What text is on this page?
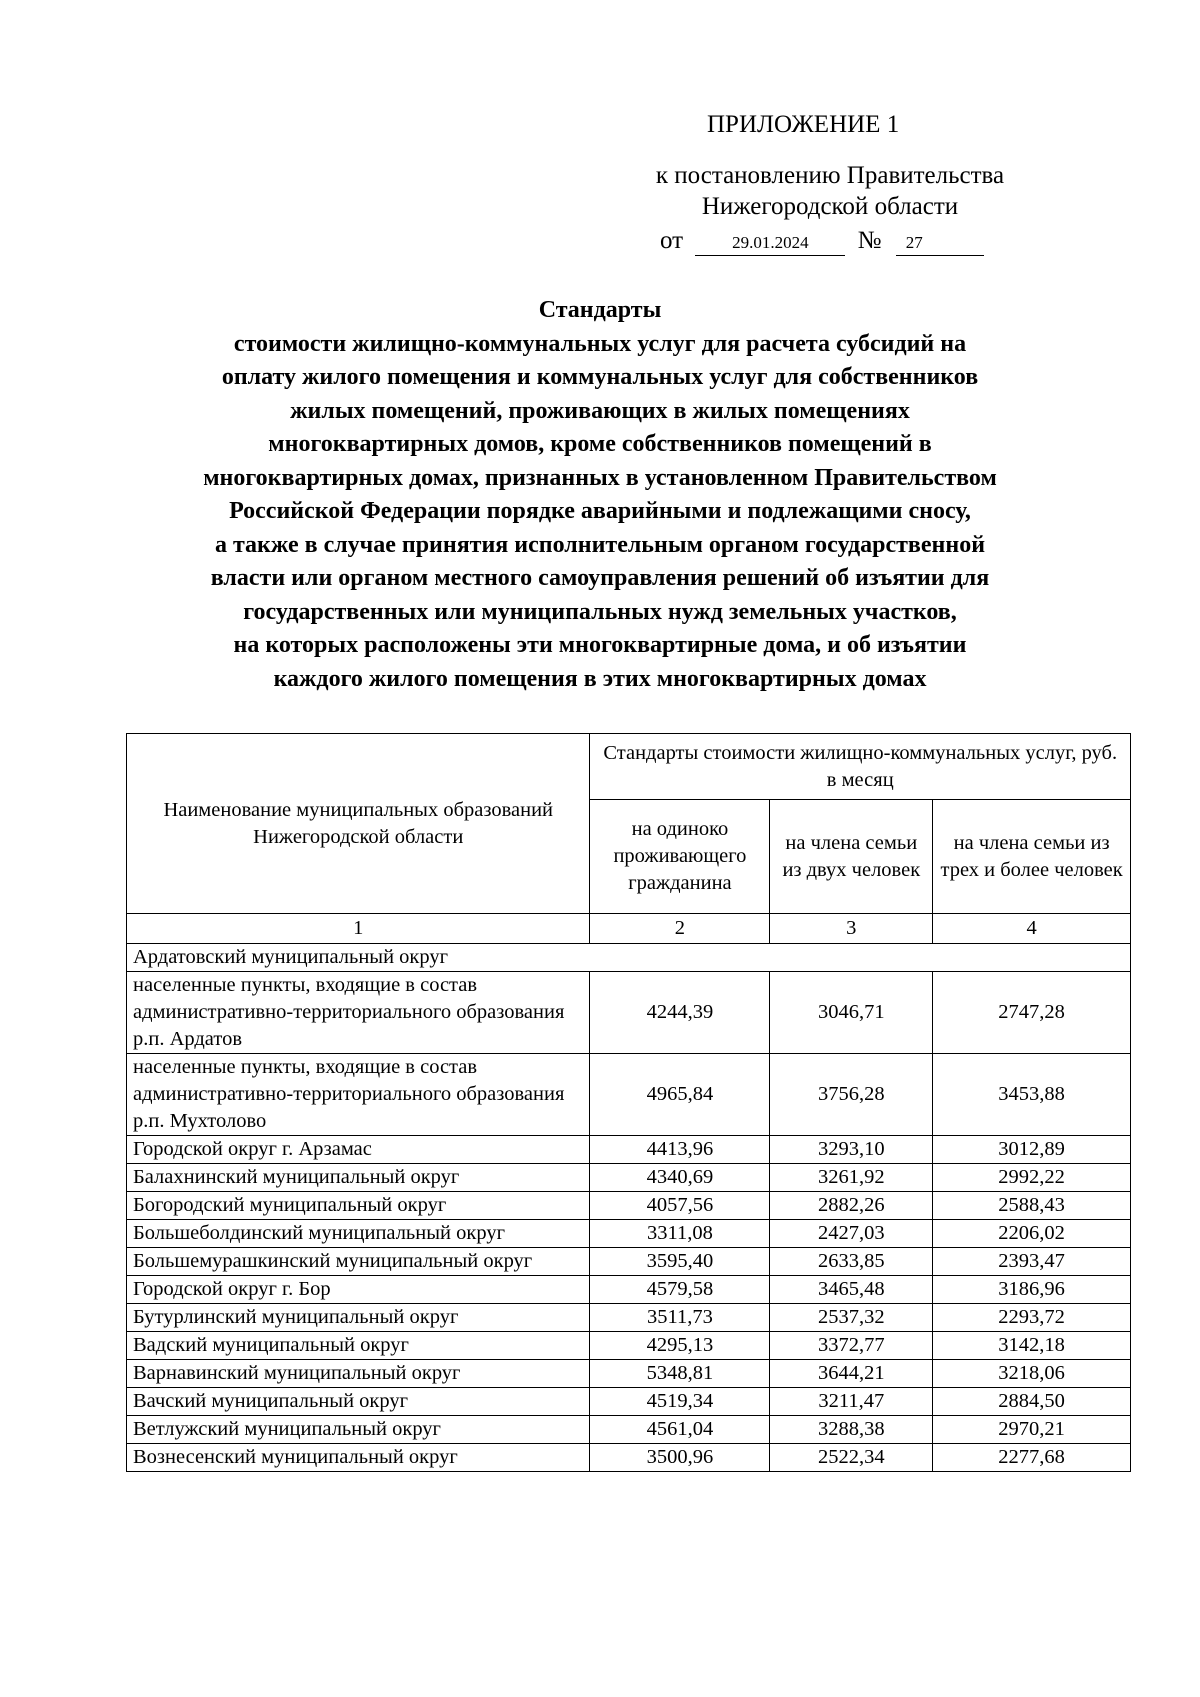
ПРИЛОЖЕНИЕ 1
к постановлению Правительства
Нижегородской области
от	29.01.2024 № 27
Стандарты
стоимости жилищно-коммунальных услуг для расчета субсидий на
оплату жилого помещения и коммунальных услуг для собственников
жилых помещений, проживающих в жилых помещениях
многоквартирных домов, кроме собственников помещений в
многоквартирных домах, признанных в установленном Правительством
Российской Федерации порядке аварийными и подлежащими сносу,
а также в случае принятия исполнительным органом государственной
власти или органом местного самоуправления решений об изъятии для
государственных или муниципальных нужд земельных участков,
на которых расположены эти многоквартирные дома, и об изъятии
каждого жилого помещения в этих многоквартирных домах
Наименование муниципальных образований Нижегородской области	Стандарты стоимости жилищно-коммунальных услуг, руб. в месяц		
	на одиноко проживающего гражданина	на члена семьи из двух человек	на члена семьи из трех и более человек
1	2	3	4
Ардатовский муниципальный округ			
населенные пункты, входящие в состав административно-территориального образования р.п. Ардатов	4244,39	3046,71	2747,28
населенные пункты, входящие в состав административно-территориального образования р.п. Мухтолово	4965,84	3756,28	3453,88
Городской округ г. Арзамас	4413,96	3293,10	3012,89
Балахнинский муниципальный округ	4340,69	3261,92	2992,22
Богородский муниципальный округ	4057,56	2882,26	2588,43
Большеболдинский муниципальный округ	3311,08	2427,03	2206,02
Большемурашкинский муниципальный округ	3595,40	2633,85	2393,47
Городской округ г. Бор	4579,58	3465,48	3186,96
Бутурлинский муниципальный округ	3511,73	2537,32	2293,72
Вадский муниципальный округ	4295,13	3372,77	3142,18
Варнавинский муниципальный округ	5348,81	3644,21	3218,06
Вачский муниципальный округ	4519,34	3211,47	2884,50
Ветлужский муниципальный округ	4561,04	3288,38	2970,21
Вознесенский муниципальный округ	3500,96	2522,34	2277,68
